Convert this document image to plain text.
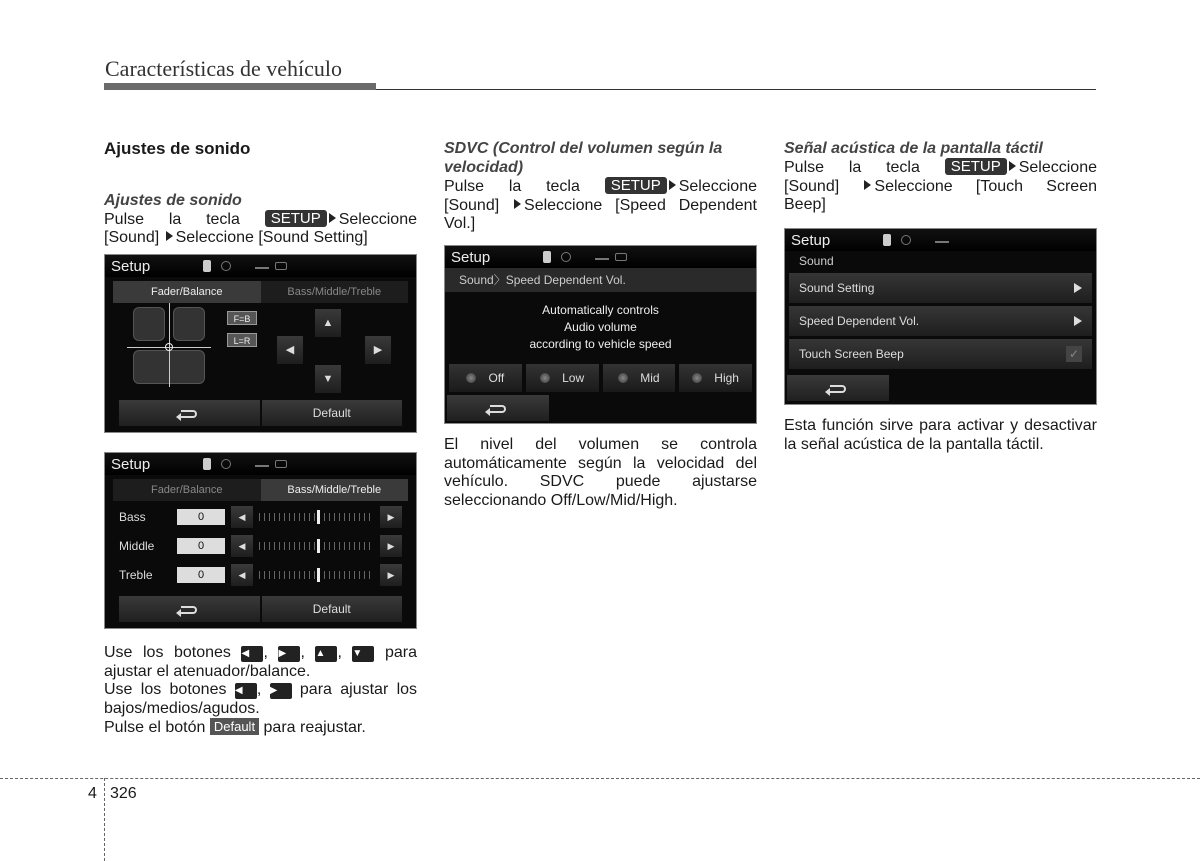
Características de vehículo
Ajustes de sonido
Ajustes de sonido
Pulse la tecla SETUP Seleccione
[Sound] Seleccione [Sound Setting]
Setup
Fader/Balance	Bass/Middle/Treble
F=B
L=R
▲
◀	▶
▼
Default
Setup
Fader/Balance	Bass/Middle/Treble
Bass	0	◀	▶
Middle	0	◀	▶
Treble	0	◀	▶
Default
Use los botones ◀ , ▶ , ▲ , ▼ para
ajustar el atenuador/balance.
Use los botones ◀ , ▶ para ajustar los
bajos/medios/agudos.
Pulse el botón Default para reajustar.
SDVC (Control del volumen según la velocidad)
Pulse la tecla SETUP Seleccione
[Sound] Seleccione [Speed Dependent
Vol.]
Setup
Sound〉Speed Dependent Vol.
Automatically controls
Audio volume
according to vehicle speed
Off	Low	Mid	High
El nivel del volumen se controla automáticamente según la velocidad del vehículo. SDVC puede ajustarse seleccionando Off/Low/Mid/High.
Señal acústica de la pantalla táctil
Pulse la tecla SETUP Seleccione
[Sound] Seleccione [Touch Screen
Beep]
Setup
Sound
Sound Setting
Speed Dependent Vol.
Touch Screen Beep	✓
Esta función sirve para activar y desactivar la señal acústica de la pantalla táctil.
4 326
